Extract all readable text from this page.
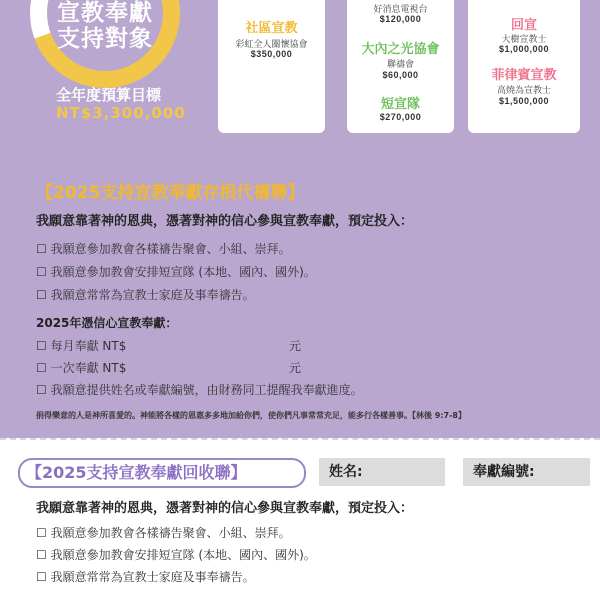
宣教奉獻
支持對象
全年度預算目標
NT$3,300,000
社區宣教
彩虹全人關懷協會
$350,000
好消息電視台
$120,000
大內之光協會
聯禱會
$60,000
短宣隊
$270,000
回宣
大樹宣教士
$1,000,000
菲律賓宣教
高燒為宣教士
$1,500,000
【2025支持宣教奉獻存根代禱聯】
我願意靠著神的恩典，憑著對神的信心參與宣教奉獻，預定投入：
☐ 我願意參加教會各樣禱告聚會、小組、崇拜。
☐ 我願意參加教會安排短宣隊 (本地、國內、國外)。
☐ 我願意常常為宣教士家庭及事奉禱告。
2025年憑信心宣教奉獻：
☐ 每月奉獻 NT$	元
☐ 一次奉獻 NT$	元
☐ 我願意提供姓名或奉獻編號，由財務同工提醒我奉獻進度。
捐得樂意的人是神所喜愛的。神能將各樣的恩惠多多地加給你們，使你們凡事常常充足，能多行各樣善事。【林後 9:7-8】
【2025支持宣教奉獻回收聯】	姓名:	奉獻編號:
我願意靠著神的恩典，憑著對神的信心參與宣教奉獻，預定投入：
☐ 我願意參加教會各樣禱告聚會、小組、崇拜。
☐ 我願意參加教會安排短宣隊 (本地、國內、國外)。
☐ 我願意常常為宣教士家庭及事奉禱告。
